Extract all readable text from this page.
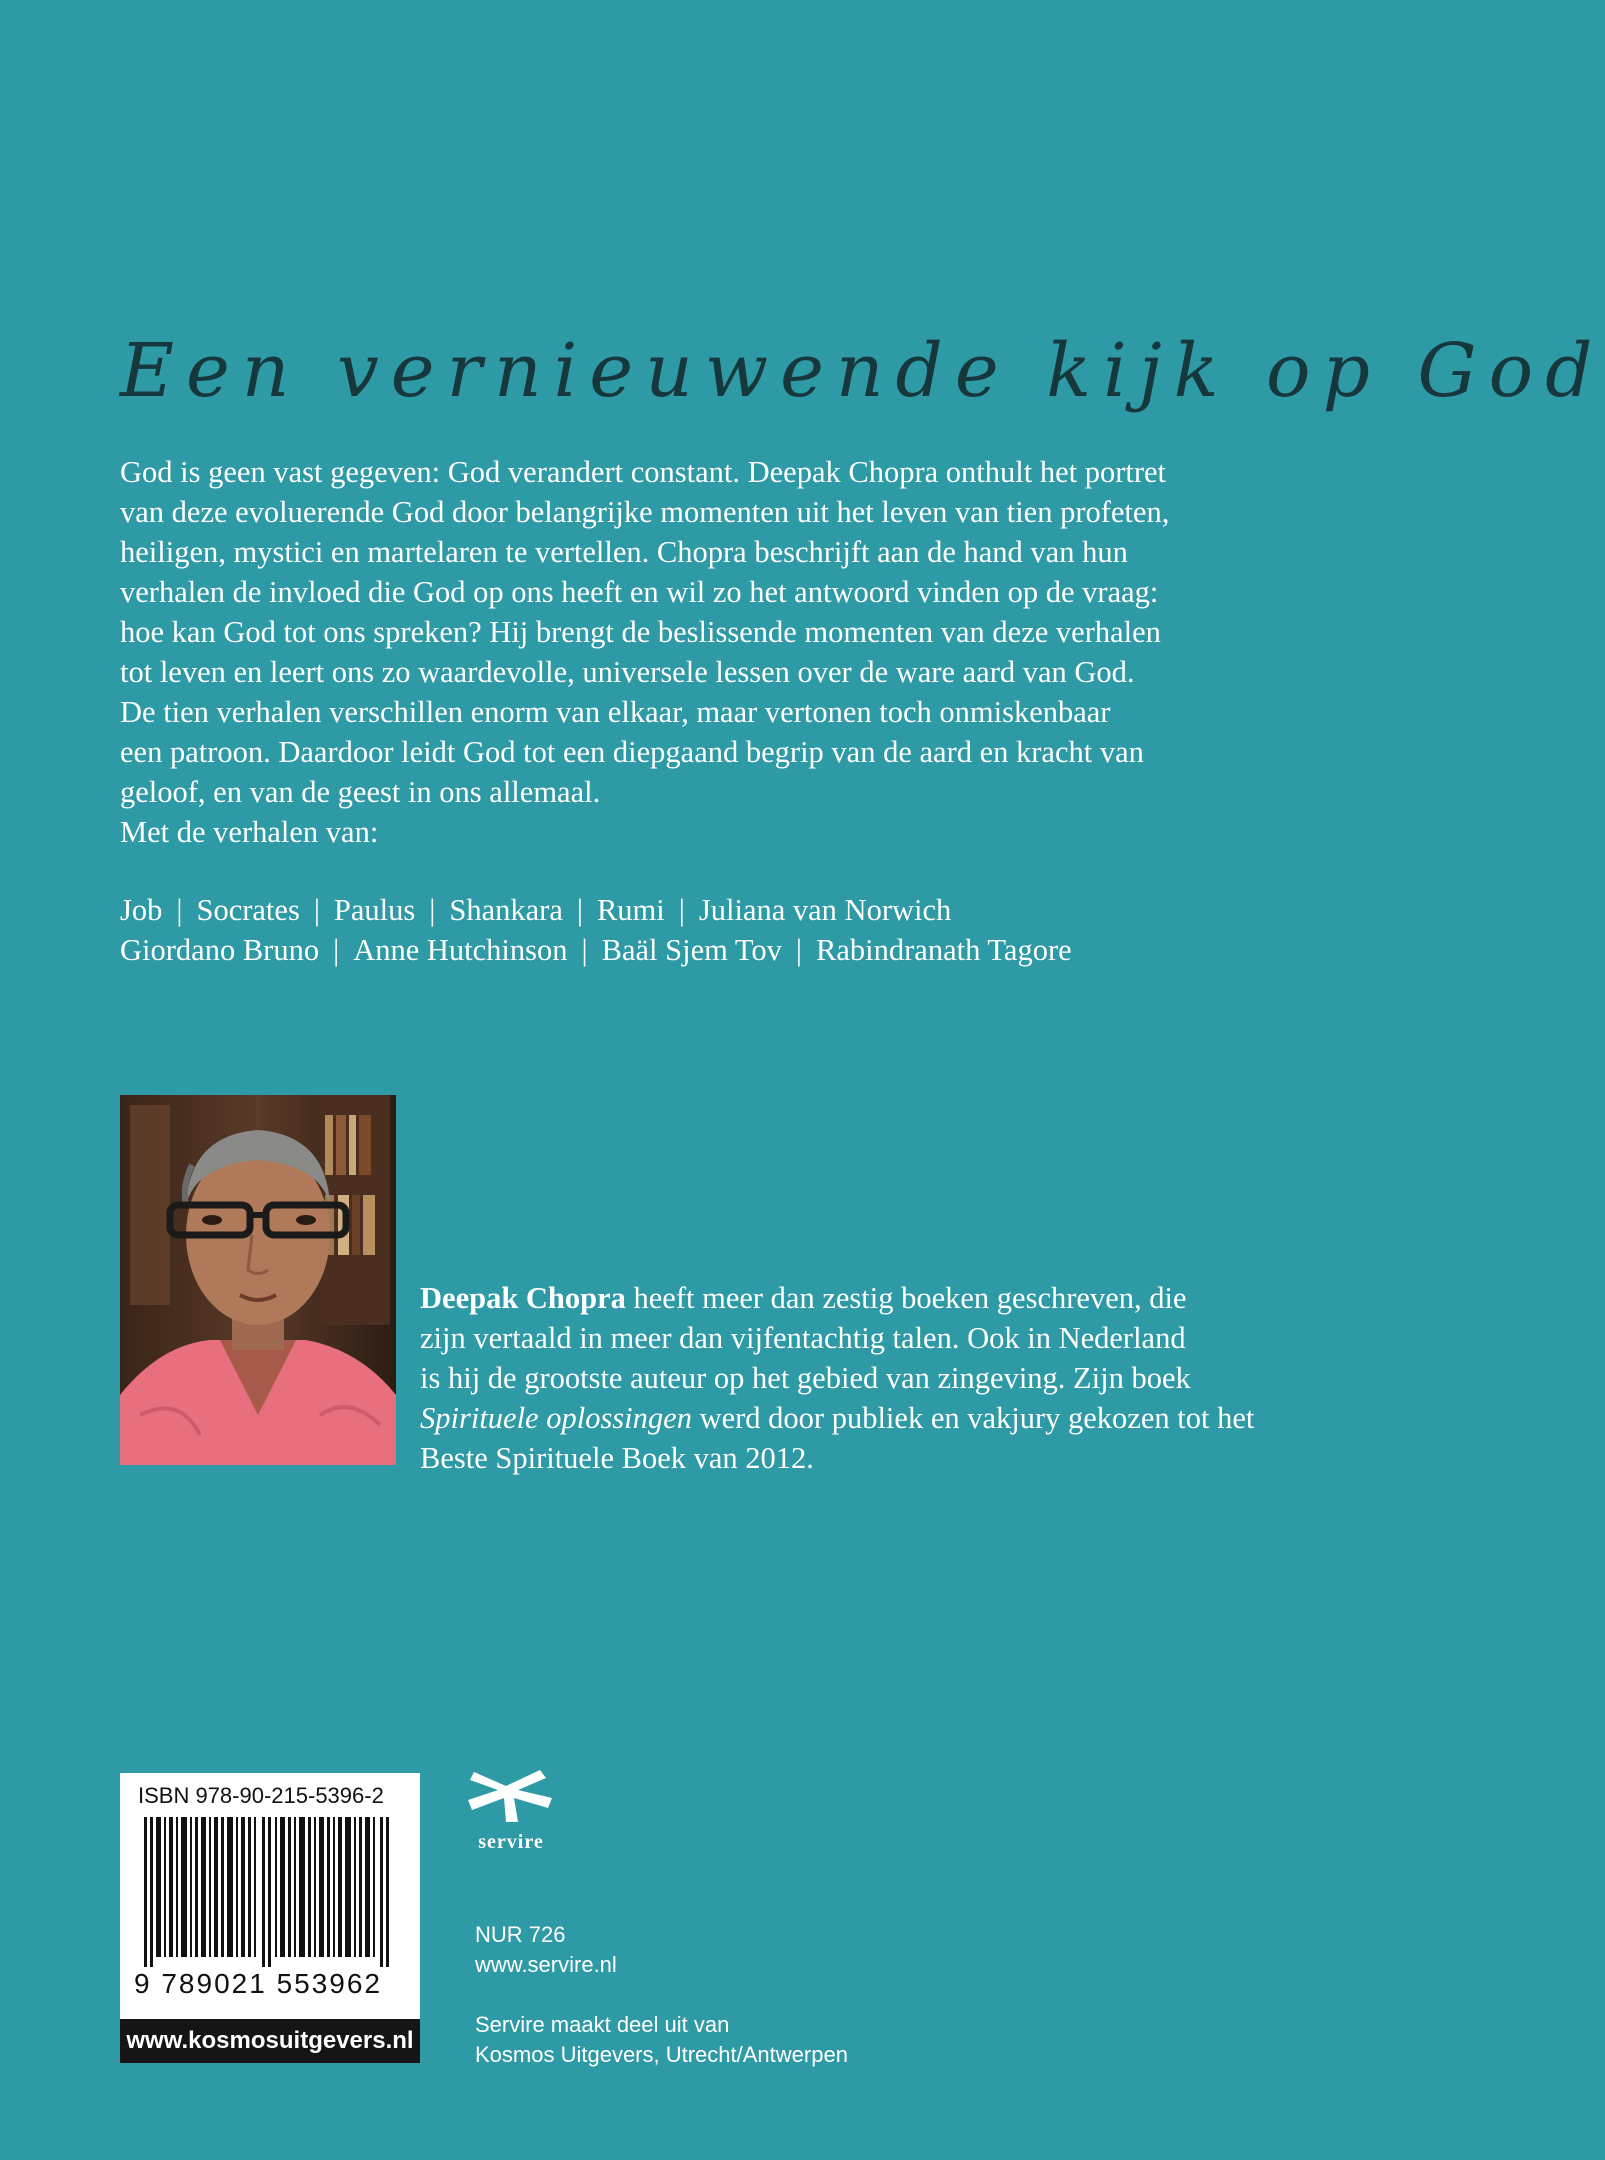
Een vernieuwende kijk op God

God is geen vast gegeven: God verandert constant. Deepak Chopra onthult het portret

van deze evoluerende God door belangrijke momenten uit het leven van tien profeten,

heiligen, mystici en martelaren te vertellen. Chopra beschrijft aan de hand van hun

verhalen de invloed die God op ons heeft en wil zo het antwoord vinden op de vraag:

hoe kan God tot ons spreken? Hij brengt de beslissende momenten van deze verhalen

tot leven en leert ons zo waardevolle, universele lessen over de ware aard van God.

De tien verhalen verschillen enorm van elkaar, maar vertonen toch onmiskenbaar

een patroon. Daardoor leidt God tot een diepgaand begrip van de aard en kracht van

geloof, en van de geest in ons allemaal.

Met de verhalen van:

Job | Socrates | Paulus | Shankara | Rumi | Juliana van Norwich
Giordano Bruno | Anne Hutchinson | Baäl Sjem Tov | Rabindranath Tagore

Deepak Chopra heeft meer dan zestig boeken geschreven, die

zijn vertaald in meer dan vijfentachtig talen. Ook in Nederland

is hij de grootste auteur op het gebied van zingeving. Zijn boek

Spirituele oplossingen werd door publiek en vakjury gekozen tot het

Beste Spirituele Boek van 2012.

ISBN 978-90-215-5396-2
9 789021 553962
www.kosmosuitgevers.nl
servire
NUR 726
www.servire.nl
Servire maakt deel uit van
Kosmos Uitgevers, Utrecht/Antwerpen
